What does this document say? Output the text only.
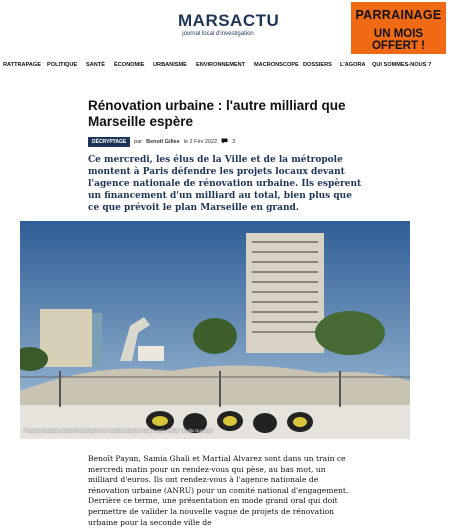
MARSACTU
journal local d'investigation
PARRAINAGE
UN MOIS OFFERT !
RATTRAPAGE POLITIQUE SANTÉ ÉCONOMIE URBANISME ENVIRONNEMENT MACRONSCOPE DOSSIERS L'AGORA QUI SOMMES-NOUS ?
Rénovation urbaine : l'autre milliard que Marseille espère
DÉCRYPTAGE	par Benoît Gilles le 2 Fév 2022	3
Ce mercredi, les élus de la Ville et de la métropole montent à Paris défendre les projets locaux devant l'agence nationale de rénovation urbaine. Ils espèrent un financement d'un milliard au total, bien plus que ce que prévoit le plan Marseille en grand.
Plusieurs chantiers doivent être démarrés ou relancés dans les mois à venir. (Photo : Emilio Guzman)
Benoît Payan, Samia Ghali et Martial Alvarez sont dans un train ce mercredi matin pour un rendez-vous qui pèse, au bas mot, un milliard d'euros. Ils ont rendez-vous à l'agence nationale de rénovation urbaine (ANRU) pour un comité national d'engagement. Derrière ce terme, une présentation en mode grand oral qui doit permettre de valider la nouvelle vague de projets de rénovation urbaine pour la seconde ville de
